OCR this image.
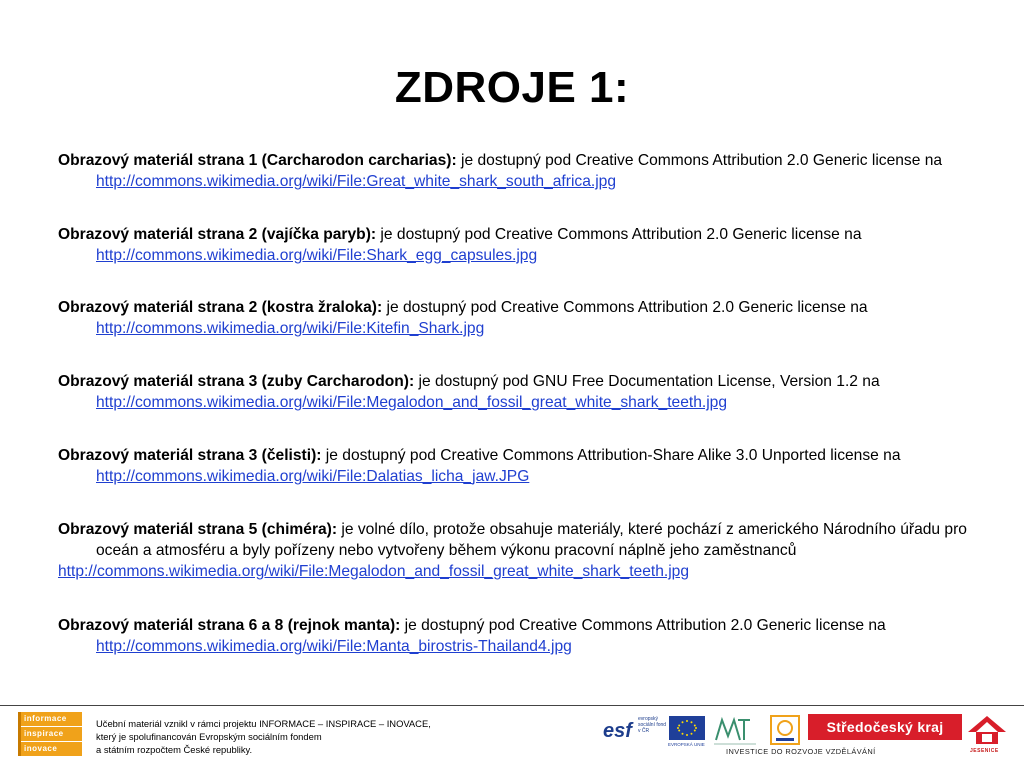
ZDROJE 1:

Obrazový materiál strana 1 (Carcharodon carcharias): je dostupný pod Creative Commons Attribution 2.0 Generic license na http://commons.wikimedia.org/wiki/File:Great_white_shark_south_africa.jpg

Obrazový materiál strana 2 (vajíčka paryb): je dostupný pod Creative Commons Attribution 2.0 Generic license na http://commons.wikimedia.org/wiki/File:Shark_egg_capsules.jpg

Obrazový materiál strana 2 (kostra žraloka): je dostupný pod Creative Commons Attribution 2.0 Generic license na http://commons.wikimedia.org/wiki/File:Kitefin_Shark.jpg

Obrazový materiál strana 3 (zuby Carcharodon): je dostupný pod GNU Free Documentation License, Version 1.2 na http://commons.wikimedia.org/wiki/File:Megalodon_and_fossil_great_white_shark_teeth.jpg

Obrazový materiál strana 3 (čelisti): je dostupný pod Creative Commons Attribution-Share Alike 3.0 Unported license na http://commons.wikimedia.org/wiki/File:Dalatias_licha_jaw.JPG

Obrazový materiál strana 5 (chiméra): je volné dílo, protože obsahuje materiály, které pochází z amerického Národního úřadu pro oceán a atmosféru a byly pořízeny nebo vytvořeny během výkonu pracovní náplně jeho zaměstnanců
http://commons.wikimedia.org/wiki/File:Megalodon_and_fossil_great_white_shark_teeth.jpg

Obrazový materiál strana 6 a 8 (rejnok manta): je dostupný pod Creative Commons Attribution 2.0 Generic license na http://commons.wikimedia.org/wiki/File:Manta_birostris-Thailand4.jpg

informace
inspirace
inovace
Učební materiál vznikl v rámci projektu INFORMACE – INSPIRACE – INOVACE,
který je spolufinancován Evropským sociálním fondem
a státním rozpočtem České republiky.
esf
evropský sociální fond v ČR
EVROPSKÁ UNIE
Středočeský kraj
INVESTICE DO ROZVOJE VZDĚLÁVÁNÍ	JESENICE
